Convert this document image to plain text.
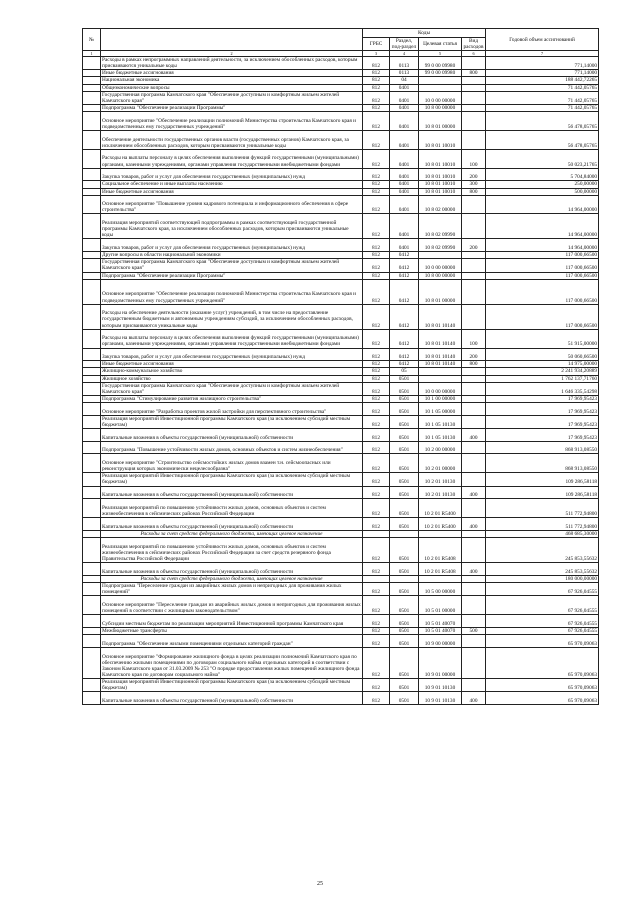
№		Коды				Годовой объем ассигнований
		ГРБС	Раздел, под-раздел	Целевая статья	Вид расходов	
1	2	3	4	5	6	7
	Расходы в рамках непрограммных направлений деятельности, за исключением обособленных расходов, которым присваиваются уникальные коды	812	0113	99 0 00 09980		771,14000
	Иные бюджетные ассигнования	812	0113	99 0 00 09980	800	771,14000
	Национальная экономика	812	04			188 442,72265
	Общеэкономические вопросы	812	0401			71 442,05765
	Государственная программа Камчатского края "Обеспечение доступным и комфортным жильем жителей Камчатского края"	812	0401	10 0 00 00000		71 442,05765
	Подпрограмма "Обеспечение реализации Программы"	812	0401	10 8 00 00000		71 442,05765
	Основное мероприятие "Обеспечение реализации полномочий Министерства строительства Камчатского края и подведомственных ему государственных учреждений"	812	0401	10 8 01 00000		56 478,05765
	Обеспечение деятельности государственных органов власти (государственных органов) Камчатского края, за исключением обособленных расходов, которым присваиваются уникальные коды	812	0401	10 8 01 10010		56 478,05765
	Расходы на выплаты персоналу в целях обеспечения выполнения функций государственными (муниципальными) органами, казенными учреждениями, органами управления государственными внебюджетными фондами	812	0401	10 8 01 10010	100	50 023,21765
	Закупка товаров, работ и услуг для обеспечения государственных (муниципальных) нужд	812	0401	10 8 01 10010	200	5 704,84000
	Социальное обеспечение и иные выплаты населению	812	0401	10 8 01 10010	300	250,00000
	Иные бюджетные ассигнования	812	0401	10 8 01 10010	800	500,00000
	Основное мероприятие "Повышение уровня кадрового потенциала и информационного обеспечения в сфере строительства"	812	0401	10 8 02 00000		14 964,00000
	Реализация мероприятий соответствующей подпрограммы в рамках соответствующей государственной программы Камчатского края, за исключением обособленных расходов, которым присваиваются уникальные коды	812	0401	10 8 02 09990		14 964,00000
	Закупка товаров, работ и услуг для обеспечения государственных (муниципальных) нужд	812	0401	10 8 02 09990	200	14 964,00000
	Другие вопросы в области национальной экономики	812	0412			117 000,66500
	Государственная программа Камчатского края "Обеспечение доступным и комфортным жильем жителей Камчатского края"	812	0412	10 0 00 00000		117 000,66500
	Подпрограмма "Обеспечение реализации Программы"	812	0412	10 8 00 00000		117 000,66500
	Основное мероприятие "Обеспечение реализации полномочий Министерства строительства Камчатского края и подведомственных ему государственных учреждений"	812	0412	10 8 01 00000		117 000,66500
	Расходы на обеспечение деятельности (оказание услуг) учреждений, в том числе на предоставление государственным бюджетным и автономным учреждениям субсидий, за исключением обособленных расходов, которым присваиваются уникальные коды	812	0412	10 8 01 10140		117 000,66500
	Расходы на выплаты персоналу в целях обеспечения выполнения функций государственными (муниципальными) органами, казенными учреждениями, органами управления государственными внебюджетными фондами	812	0412	10 8 01 10140	100	51 915,00000
	Закупка товаров, работ и услуг для обеспечения государственных (муниципальных) нужд	812	0412	10 8 01 10140	200	50 060,66500
	Иные бюджетные ассигнования	812	0412	10 8 01 10140	800	14 975,00000
	Жилищно-коммунальное хозяйство	812	05			2 241 934,20889
	Жилищное хозяйство	812	0501			1 762 137,71760
	Государственная программа Камчатского края "Обеспечение доступным и комфортным жильем жителей Камчатского края"	812	0501	10 0 00 00000		1 646 335,54298
	Подпрограмма "Стимулирование развития жилищного строительства"	812	0501	10 1 00 00000		17 969,95423
	Основное мероприятие "Разработка проектов жилой застройки для перспективного строительства"	812	0501	10 1 05 00000		17 969,95423
	Реализация мероприятий Инвестиционной программы Камчатского края (за исключением субсидий местным бюджетам)	812	0501	10 1 05 10130		17 969,95423
	Капитальные вложения в объекты государственной (муниципальной) собственности	812	0501	10 1 05 10130	400	17 969,95423
	Подпрограмма "Повышение устойчивости жилых домов, основных объектов и систем жизнеобеспечения"	812	0501	10 2 00 00000		868 913,08550
	Основное мероприятие "Строительство сейсмостойких жилых домов взамен т.н. сейсмоопасных или реконструкция которых экономически нецелесообразна"	812	0501	10 2 01 00000		868 913,08550
	Реализация мероприятий Инвестиционной программы Камчатского края (за исключением субсидий местным бюджетам)	812	0501	10 2 01 10130		109 286,58118
	Капитальные вложения в объекты государственной (муниципальной) собственности	812	0501	10 2 01 10130	400	109 286,58118
	Реализация мероприятий по повышению устойчивости жилых домов, основных объектов и систем жизнеобеспечения в сейсмических районах Российской Федерации	812	0501	10 2 01 R5400		511 772,94800
	Капитальные вложения в объекты государственной (муниципальной) собственности	812	0501	10 2 01 R5400	400	511 772,94800
	Расходы за счет средств федерального бюджета, имеющих целевое назначение					468 685,30000
	Реализация мероприятий по повышению устойчивости жилых домов, основных объектов и систем жизнеобеспечения в сейсмических районах Российской Федерации за счет средств резервного фонда Правительства Российской Федерации	812	0501	10 2 01 R5408		245 853,55632
	Капитальные вложения в объекты государственной (муниципальной) собственности	812	0501	10 2 01 R5408	400	245 853,55632
	Расходы за счет средств федерального бюджета, имеющих целевое назначение					180 000,00000
	Подпрограмма "Переселение граждан из аварийных жилых домов и непригодных для проживания жилых помещений"	812	0501	10 5 00 00000		67 926,04555
	Основное мероприятие "Переселение граждан из аварийных жилых домов и непригодных для проживания жилых помещений в соответствии с жилищным законодательством"	812	0501	10 5 01 00000		67 926,04555
	Субсидии местным бюджетам по реализации мероприятий Инвестиционной программы Камчатского края	812	0501	10 5 01 40070		67 926,04555
	Межбюджетные трансферты	812	0501	10 5 01 40070	500	67 926,04555
	Подпрограмма "Обеспечение жилыми помещениями отдельных категорий граждан"	812	0501	10 9 00 00000		65 970,09063
	Основное мероприятие "Формирование жилищного фонда в целях реализации полномочий Камчатского края по обеспечению жилыми помещениями по договорам социального найма отдельных категорий в соответствии с Законом Камчатского края от 31.03.2009 № 253 "О порядке предоставления жилых помещений жилищного фонда Камчатского края по договорам социального найма"	812	0501	10 9 01 00000		65 970,09063
	Реализация мероприятий Инвестиционной программы Камчатского края (за исключением субсидий местным бюджетам)	812	0501	10 9 01 10130		65 970,09063
	Капитальные вложения в объекты государственной (муниципальной) собственности	812	0501	10 9 01 10130	400	65 970,09063
25
